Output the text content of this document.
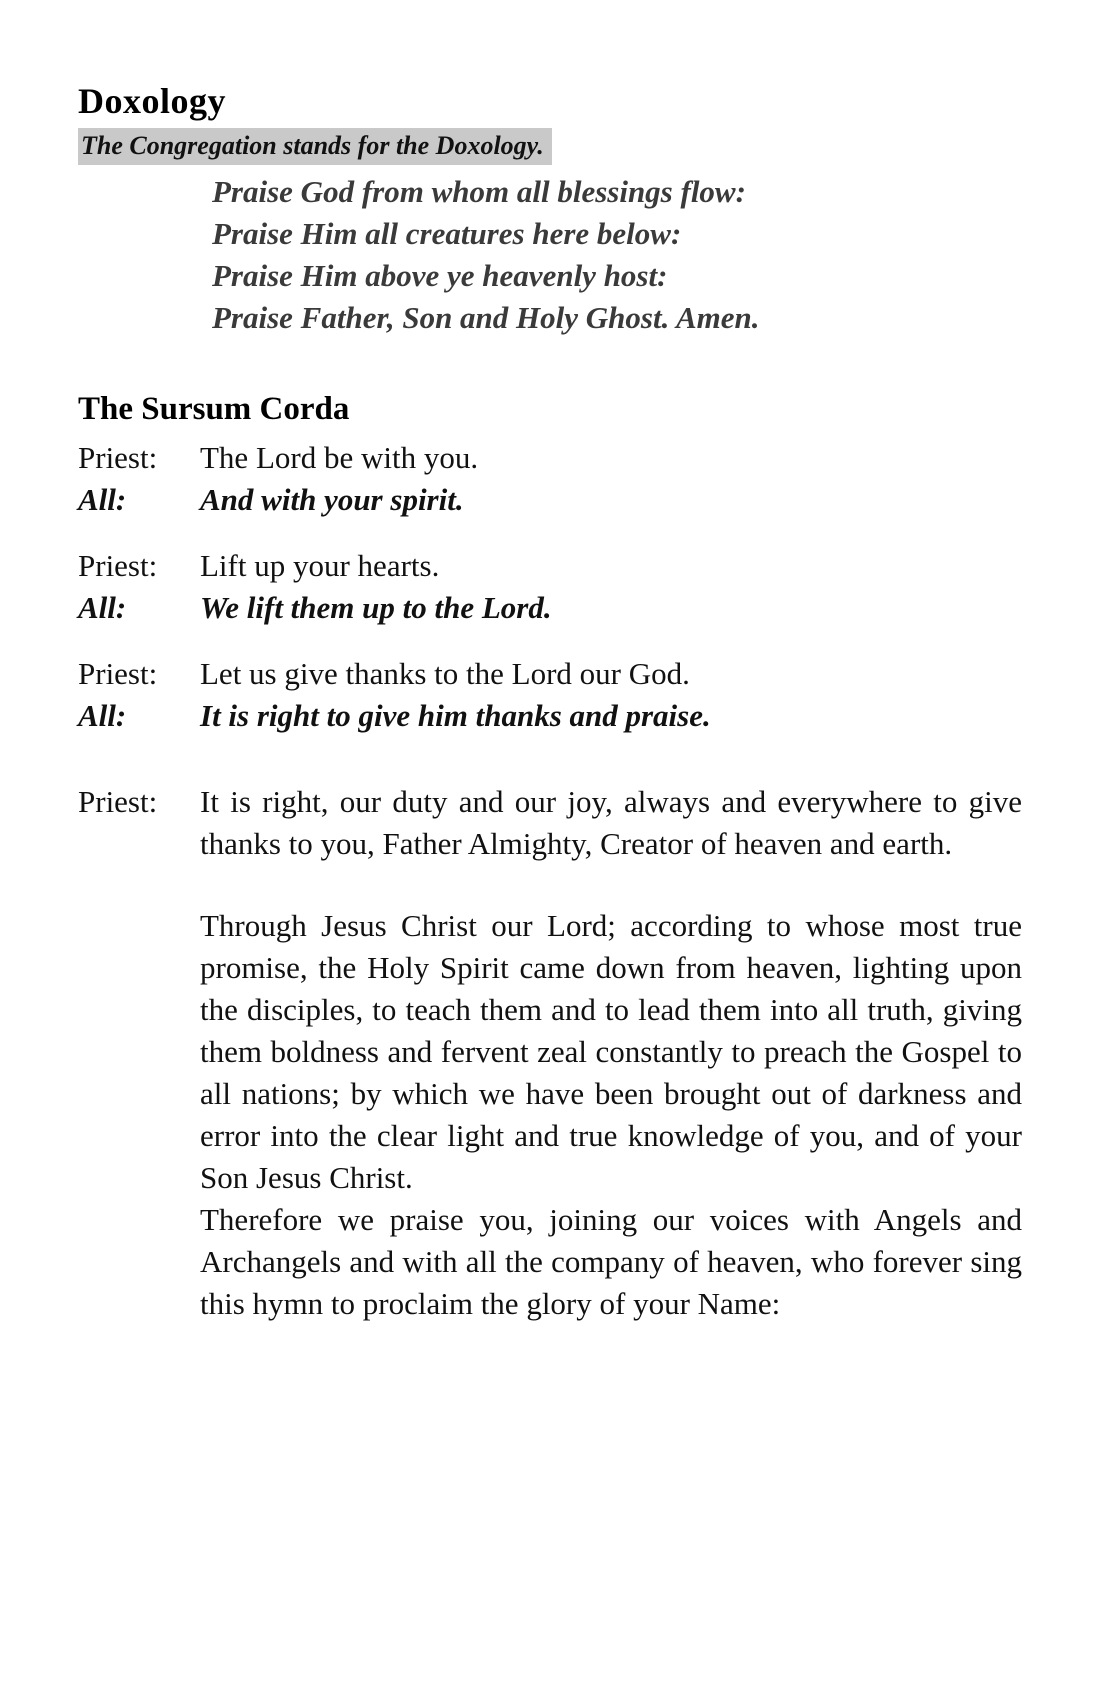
Doxology
The Congregation stands for the Doxology.
Praise God from whom all blessings flow:
Praise Him all creatures here below:
Praise Him above ye heavenly host:
Praise Father, Son and Holy Ghost. Amen.
The Sursum Corda
Priest:	The Lord be with you.
All:	And with your spirit.
Priest:	Lift up your hearts.
All:	We lift them up to the Lord.
Priest:	Let us give thanks to the Lord our God.
All:	It is right to give him thanks and praise.
Priest:	It is right, our duty and our joy, always and everywhere to give thanks to you, Father Almighty, Creator of heaven and earth.

Through Jesus Christ our Lord; according to whose most true promise, the Holy Spirit came down from heaven, lighting upon the disciples, to teach them and to lead them into all truth, giving them boldness and fervent zeal constantly to preach the Gospel to all nations; by which we have been brought out of darkness and error into the clear light and true knowledge of you, and of your Son Jesus Christ.

Therefore we praise you, joining our voices with Angels and Archangels and with all the company of heaven, who forever sing this hymn to proclaim the glory of your Name:
